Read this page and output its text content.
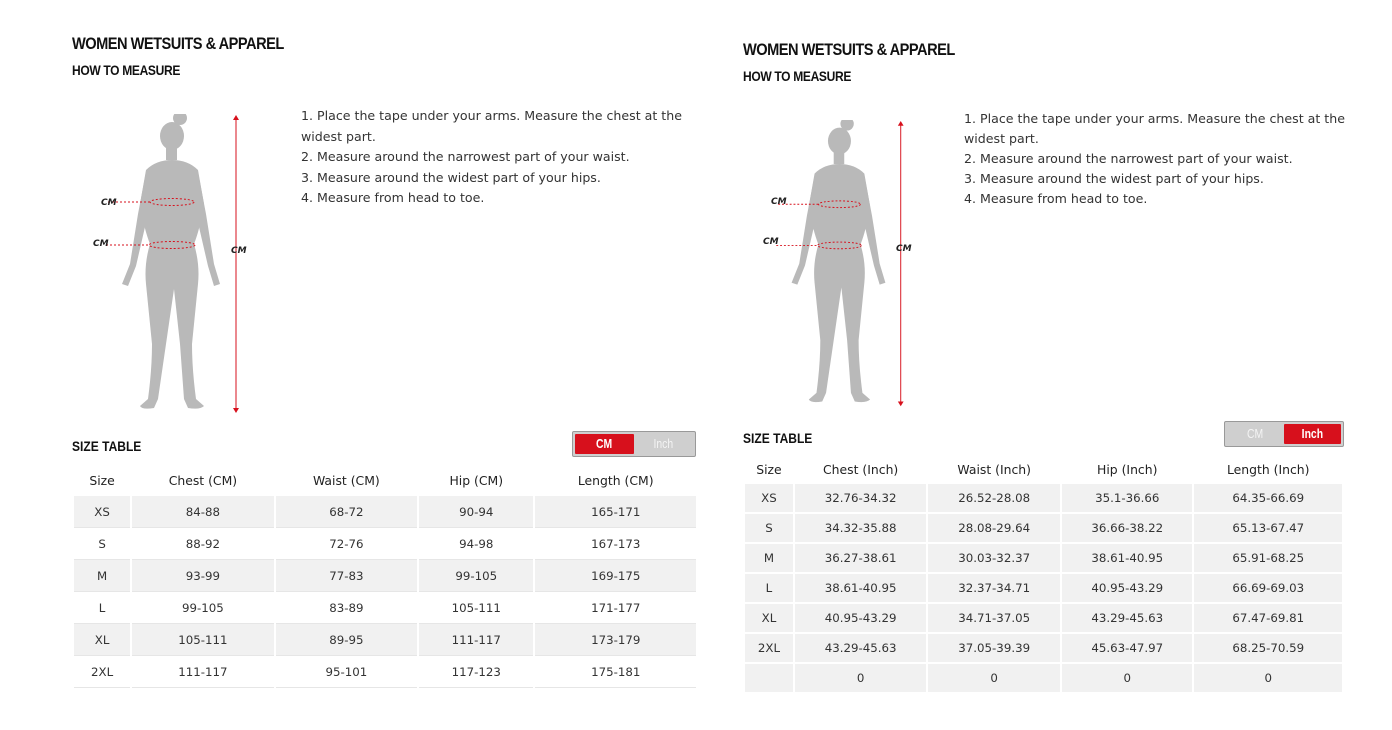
WOMEN WETSUITS & APPAREL
HOW TO MEASURE
CM
CM
CM
1. Place the tape under your arms. Measure the chest at the widest part.
2. Measure around the narrowest part of your waist.
3. Measure around the widest part of your hips.
4. Measure from head to toe.
SIZE TABLE	CM	Inch
Size	Chest (CM)	Waist (CM)	Hip (CM)	Length (CM)
XS	84-88	68-72	90-94	165-171
S	88-92	72-76	94-98	167-173
M	93-99	77-83	99-105	169-175
L	99-105	83-89	105-111	171-177
XL	105-111	89-95	111-117	173-179
2XL	111-117	95-101	117-123	175-181
WOMEN WETSUITS & APPAREL
HOW TO MEASURE
CM
CM
CM
1. Place the tape under your arms. Measure the chest at the widest part.
2. Measure around the narrowest part of your waist.
3. Measure around the widest part of your hips.
4. Measure from head to toe.
SIZE TABLE	CM	Inch
Size	Chest (Inch)	Waist (Inch)	Hip (Inch)	Length (Inch)
XS	32.76-34.32	26.52-28.08	35.1-36.66	64.35-66.69
S	34.32-35.88	28.08-29.64	36.66-38.22	65.13-67.47
M	36.27-38.61	30.03-32.37	38.61-40.95	65.91-68.25
L	38.61-40.95	32.37-34.71	40.95-43.29	66.69-69.03
XL	40.95-43.29	34.71-37.05	43.29-45.63	67.47-69.81
2XL	43.29-45.63	37.05-39.39	45.63-47.97	68.25-70.59
	0	0	0	0
